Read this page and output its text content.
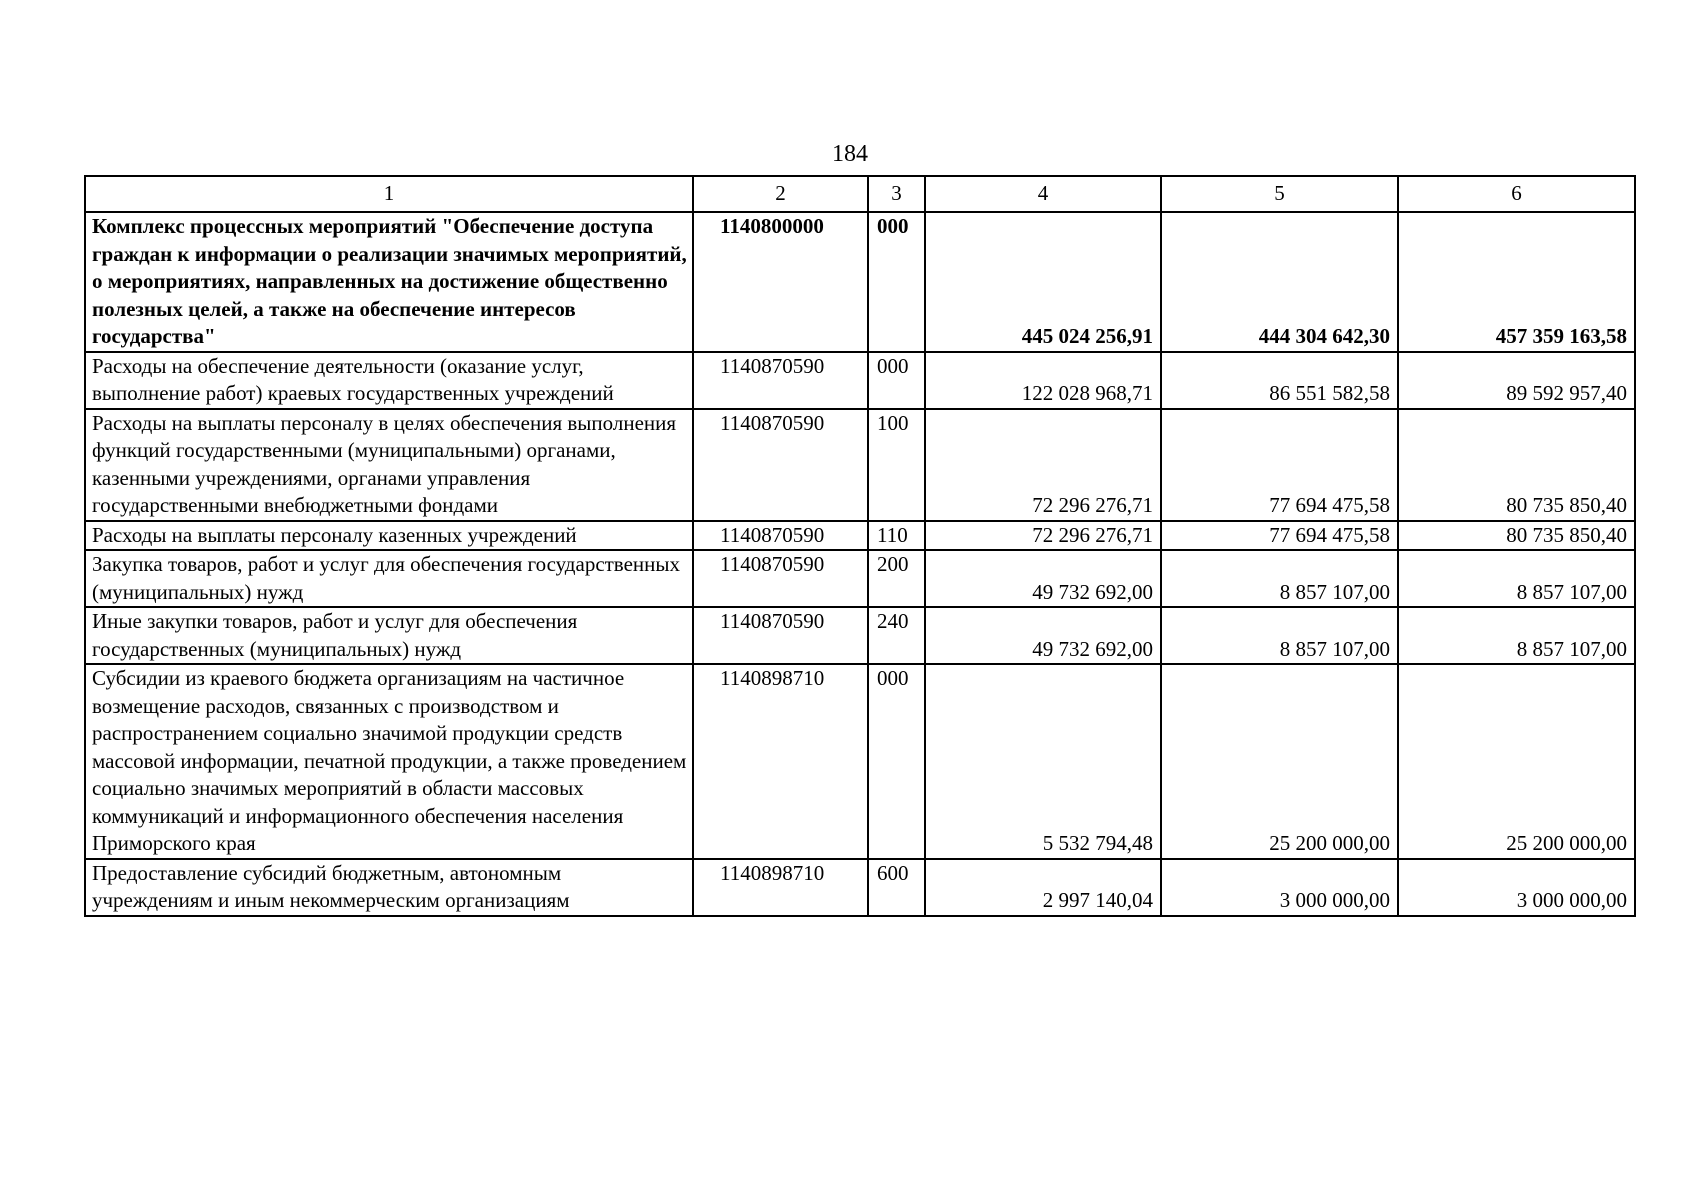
184
1	2	3	4	5	6
Комплекс процессных мероприятий "Обеспечение доступа граждан к информации о реализации значимых мероприятий, о мероприятиях, направленных на достижение общественно полезных целей, а также на обеспечение интересов государства"	1140800000	000	445 024 256,91	444 304 642,30	457 359 163,58
Расходы на обеспечение деятельности (оказание услуг, выполнение работ) краевых государственных учреждений	1140870590	000	122 028 968,71	86 551 582,58	89 592 957,40
Расходы на выплаты персоналу в целях обеспечения выполнения функций государственными (муниципальными) органами, казенными учреждениями, органами управления государственными внебюджетными фондами	1140870590	100	72 296 276,71	77 694 475,58	80 735 850,40
Расходы на выплаты персоналу казенных учреждений	1140870590	110	72 296 276,71	77 694 475,58	80 735 850,40
Закупка товаров, работ и услуг для обеспечения государственных (муниципальных) нужд	1140870590	200	49 732 692,00	8 857 107,00	8 857 107,00
Иные закупки товаров, работ и услуг для обеспечения государственных (муниципальных) нужд	1140870590	240	49 732 692,00	8 857 107,00	8 857 107,00
Субсидии из краевого бюджета организациям на частичное возмещение расходов, связанных с производством и распространением социально значимой продукции средств массовой информации, печатной продукции, а также проведением социально значимых мероприятий в области массовых коммуникаций и информационного обеспечения населения Приморского края	1140898710	000	5 532 794,48	25 200 000,00	25 200 000,00
Предоставление субсидий бюджетным, автономным учреждениям и иным некоммерческим организациям	1140898710	600	2 997 140,04	3 000 000,00	3 000 000,00
